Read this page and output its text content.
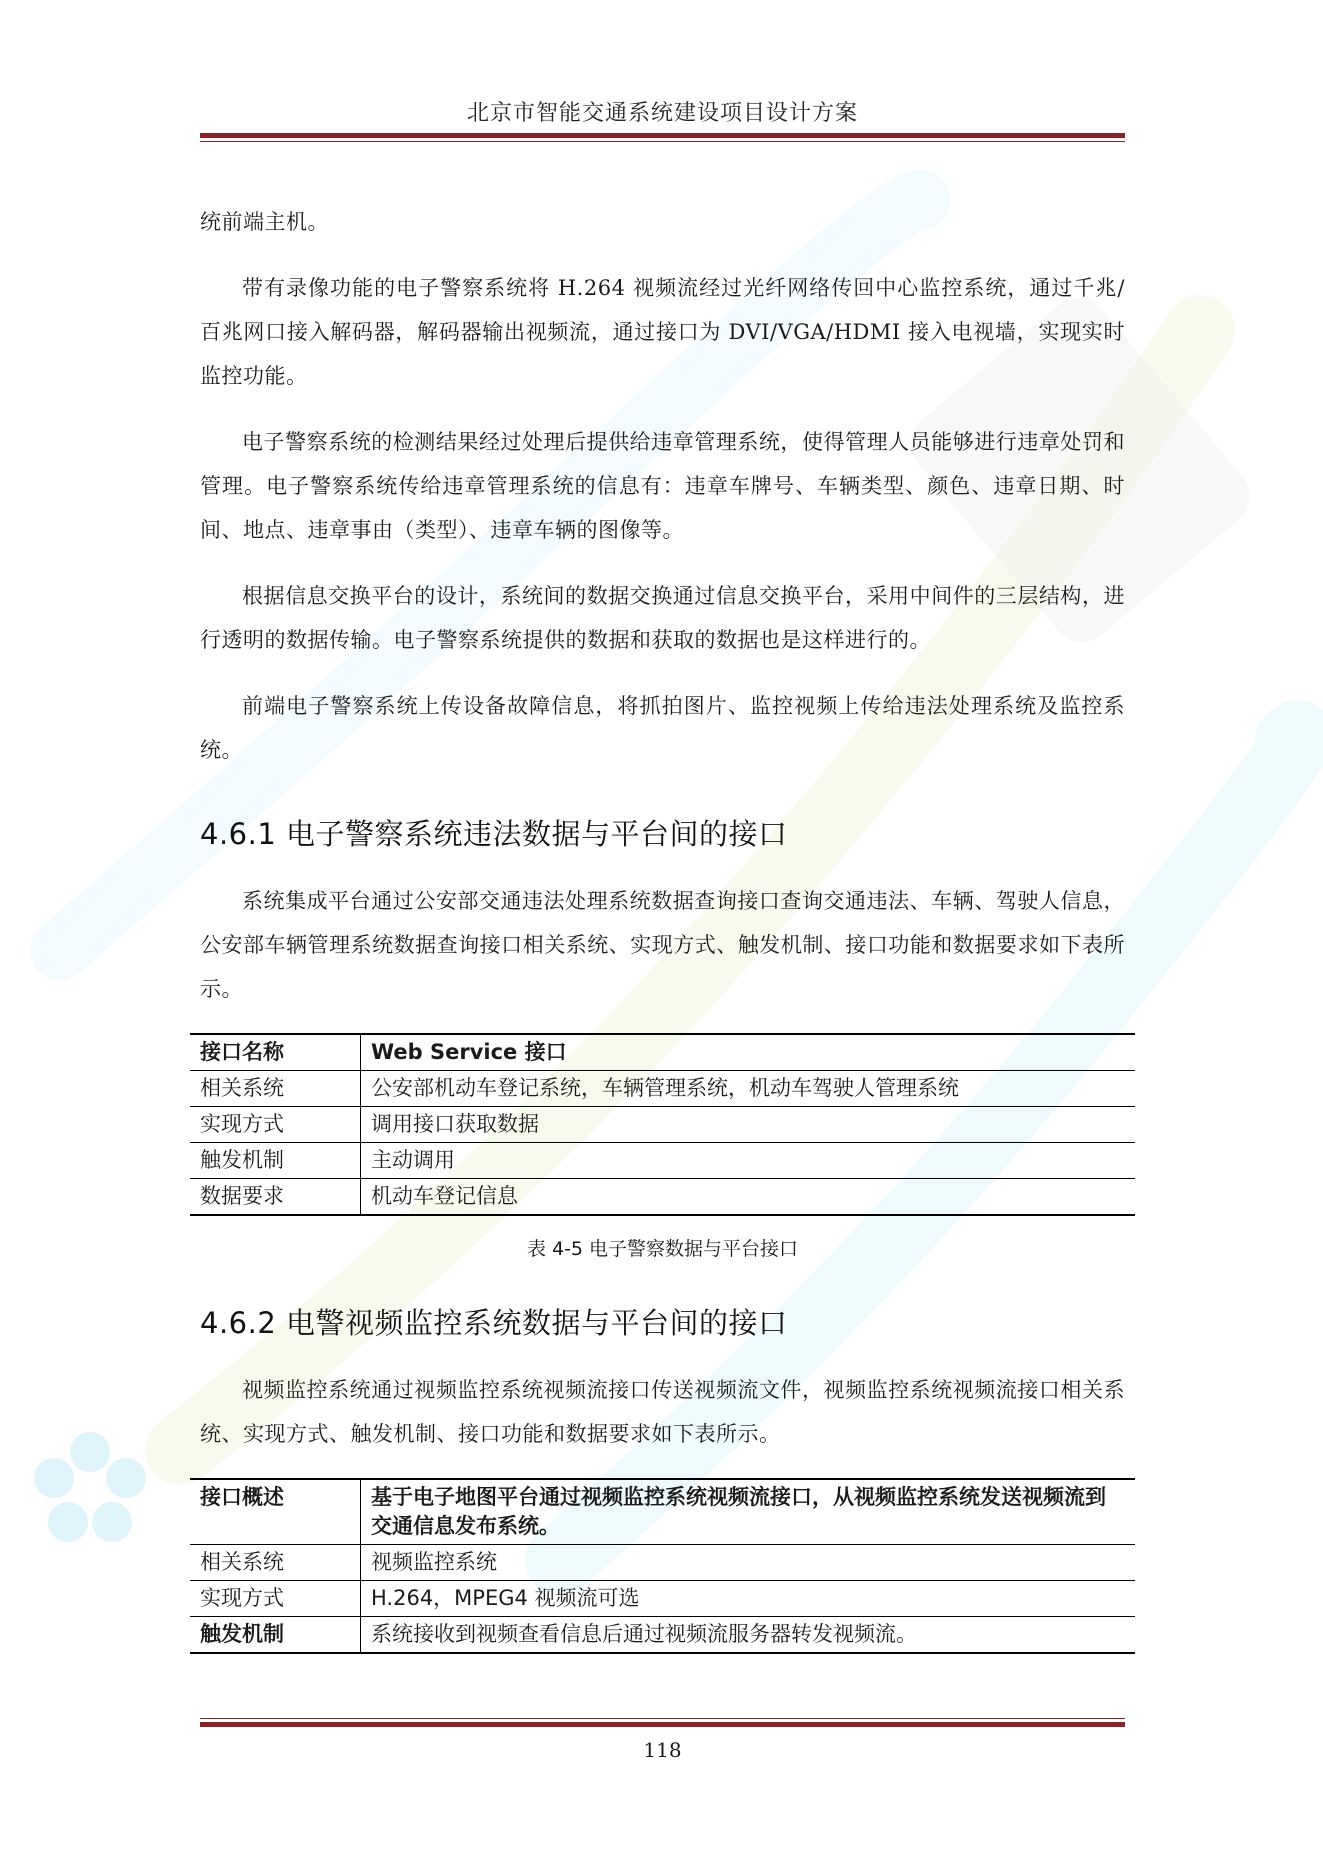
北京市智能交通系统建设项目设计方案

统前端主机。

带有录像功能的电子警察系统将 H.264 视频流经过光纤网络传回中心监控系统，通过千兆/百兆网口接入解码器，解码器输出视频流，通过接口为 DVI/VGA/HDMI 接入电视墙，实现实时监控功能。

电子警察系统的检测结果经过处理后提供给违章管理系统，使得管理人员能够进行违章处罚和管理。电子警察系统传给违章管理系统的信息有：违章车牌号、车辆类型、颜色、违章日期、时间、地点、违章事由（类型）、违章车辆的图像等。

根据信息交换平台的设计，系统间的数据交换通过信息交换平台，采用中间件的三层结构，进行透明的数据传输。电子警察系统提供的数据和获取的数据也是这样进行的。

前端电子警察系统上传设备故障信息，将抓拍图片、监控视频上传给违法处理系统及监控系统。

4.6.1 电子警察系统违法数据与平台间的接口

系统集成平台通过公安部交通违法处理系统数据查询接口查询交通违法、车辆、驾驶人信息，公安部车辆管理系统数据查询接口相关系统、实现方式、触发机制、接口功能和数据要求如下表所示。

接口名称	Web Service 接口
相关系统	公安部机动车登记系统，车辆管理系统，机动车驾驶人管理系统
实现方式	调用接口获取数据
触发机制	主动调用
数据要求	机动车登记信息
表 4-5 电子警察数据与平台接口
4.6.2 电警视频监控系统数据与平台间的接口

视频监控系统通过视频监控系统视频流接口传送视频流文件，视频监控系统视频流接口相关系统、实现方式、触发机制、接口功能和数据要求如下表所示。

接口概述	基于电子地图平台通过视频监控系统视频流接口，从视频监控系统发送视频流到交通信息发布系统。
相关系统	视频监控系统
实现方式	H.264，MPEG4 视频流可选
触发机制	系统接收到视频查看信息后通过视频流服务器转发视频流。
118
